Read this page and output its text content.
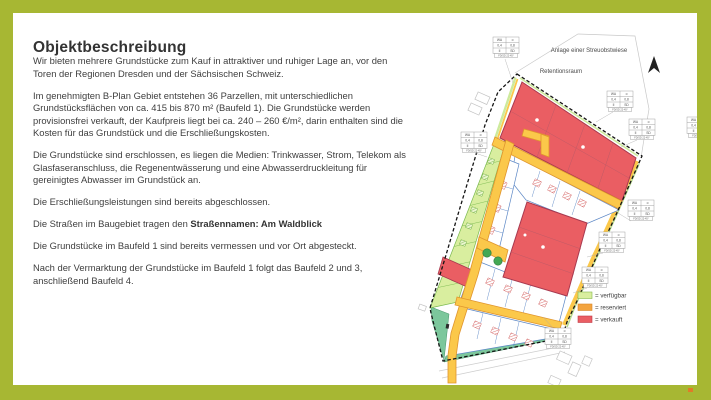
Objektbeschreibung

Wir bieten mehrere Grundstücke zum Kauf in attraktiver und ruhiger Lage an, vor den Toren der Regionen Dresden und der Sächsischen Schweiz.

Im genehmigten B-Plan Gebiet entstehen 36 Parzellen, mit unterschiedlichen Grundstücksflächen von ca. 415 bis 870 m² (Baufeld 1). Die Grundstücke werden provisionsfrei verkauft, der Kaufpreis liegt bei ca. 240 – 260 €/m², darin enthalten sind die Kosten für das Grundstück und die Erschließungskosten.

Die Grundstücke sind erschlossen, es liegen die Medien: Trinkwasser, Strom, Telekom als Glasfaseranschluss, die Regenentwässerung und eine Abwasserdruckleitung für gereinigtes Abwasser im Grundstück an.

Die Erschließungsleistungen sind bereits abgeschlossen.

Die Straßen im Baugebiet tragen den Straßennamen: Am Waldblick

Die Grundstücke im Baufeld 1 sind bereits vermessen und vor Ort abgesteckt.

Nach der Vermarktung der Grundstücke im Baufeld 1 folgt das Baufeld 2 und 3, anschließend Baufeld 4.

WA	o
0,4	0,8
II	SD
FD/SD 22-45°
Anlage einer Streuobstwiese
Retentionsraum
= verfügbar
= reserviert
= verkauft
